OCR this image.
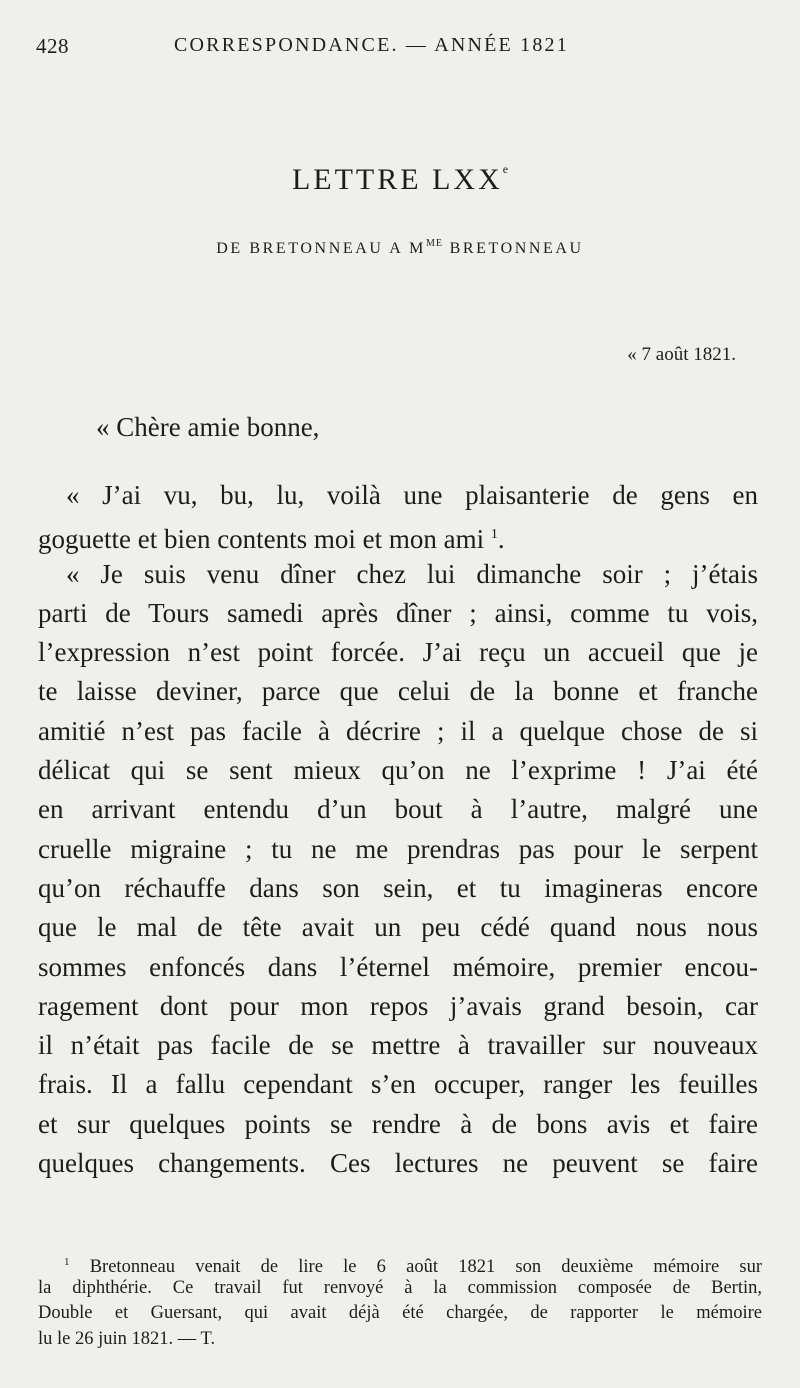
428	CORRESPONDANCE. — ANNÉE 1821
LETTRE LXXe
DE BRETONNEAU A $M^{ME}$ BRETONNEAU
« 7 août 1821.
« Chère amie bonne,
« J’ai vu, bu, lu, voilà une plaisanterie de gens en
goguette et bien contents moi et mon ami $^1$.
« Je suis venu dîner chez lui dimanche soir ; j’étais
parti de Tours samedi après dîner ; ainsi, comme tu vois,
l’expression n’est point forcée. J’ai reçu un accueil que je
te laisse deviner, parce que celui de la bonne et franche
amitié n’est pas facile à décrire ; il a quelque chose de si
délicat qui se sent mieux qu’on ne l’exprime ! J’ai été
en arrivant entendu d’un bout à l’autre, malgré une
cruelle migraine ; tu ne me prendras pas pour le serpent
qu’on réchauffe dans son sein, et tu imagineras encore
que le mal de tête avait un peu cédé quand nous nous
sommes enfoncés dans l’éternel mémoire, premier encou-
ragement dont pour mon repos j’avais grand besoin, car
il n’était pas facile de se mettre à travailler sur nouveaux
frais. Il a fallu cependant s’en occuper, ranger les feuilles
et sur quelques points se rendre à de bons avis et faire
quelques changements. Ces lectures ne peuvent se faire
$^1$ Bretonneau venait de lire le 6 août 1821 son deuxième mémoire sur
la diphthérie. Ce travail fut renvoyé à la commission composée de Bertin,
Double et Guersant, qui avait déjà été chargée, de rapporter le mémoire
lu le 26 juin 1821. — T.
